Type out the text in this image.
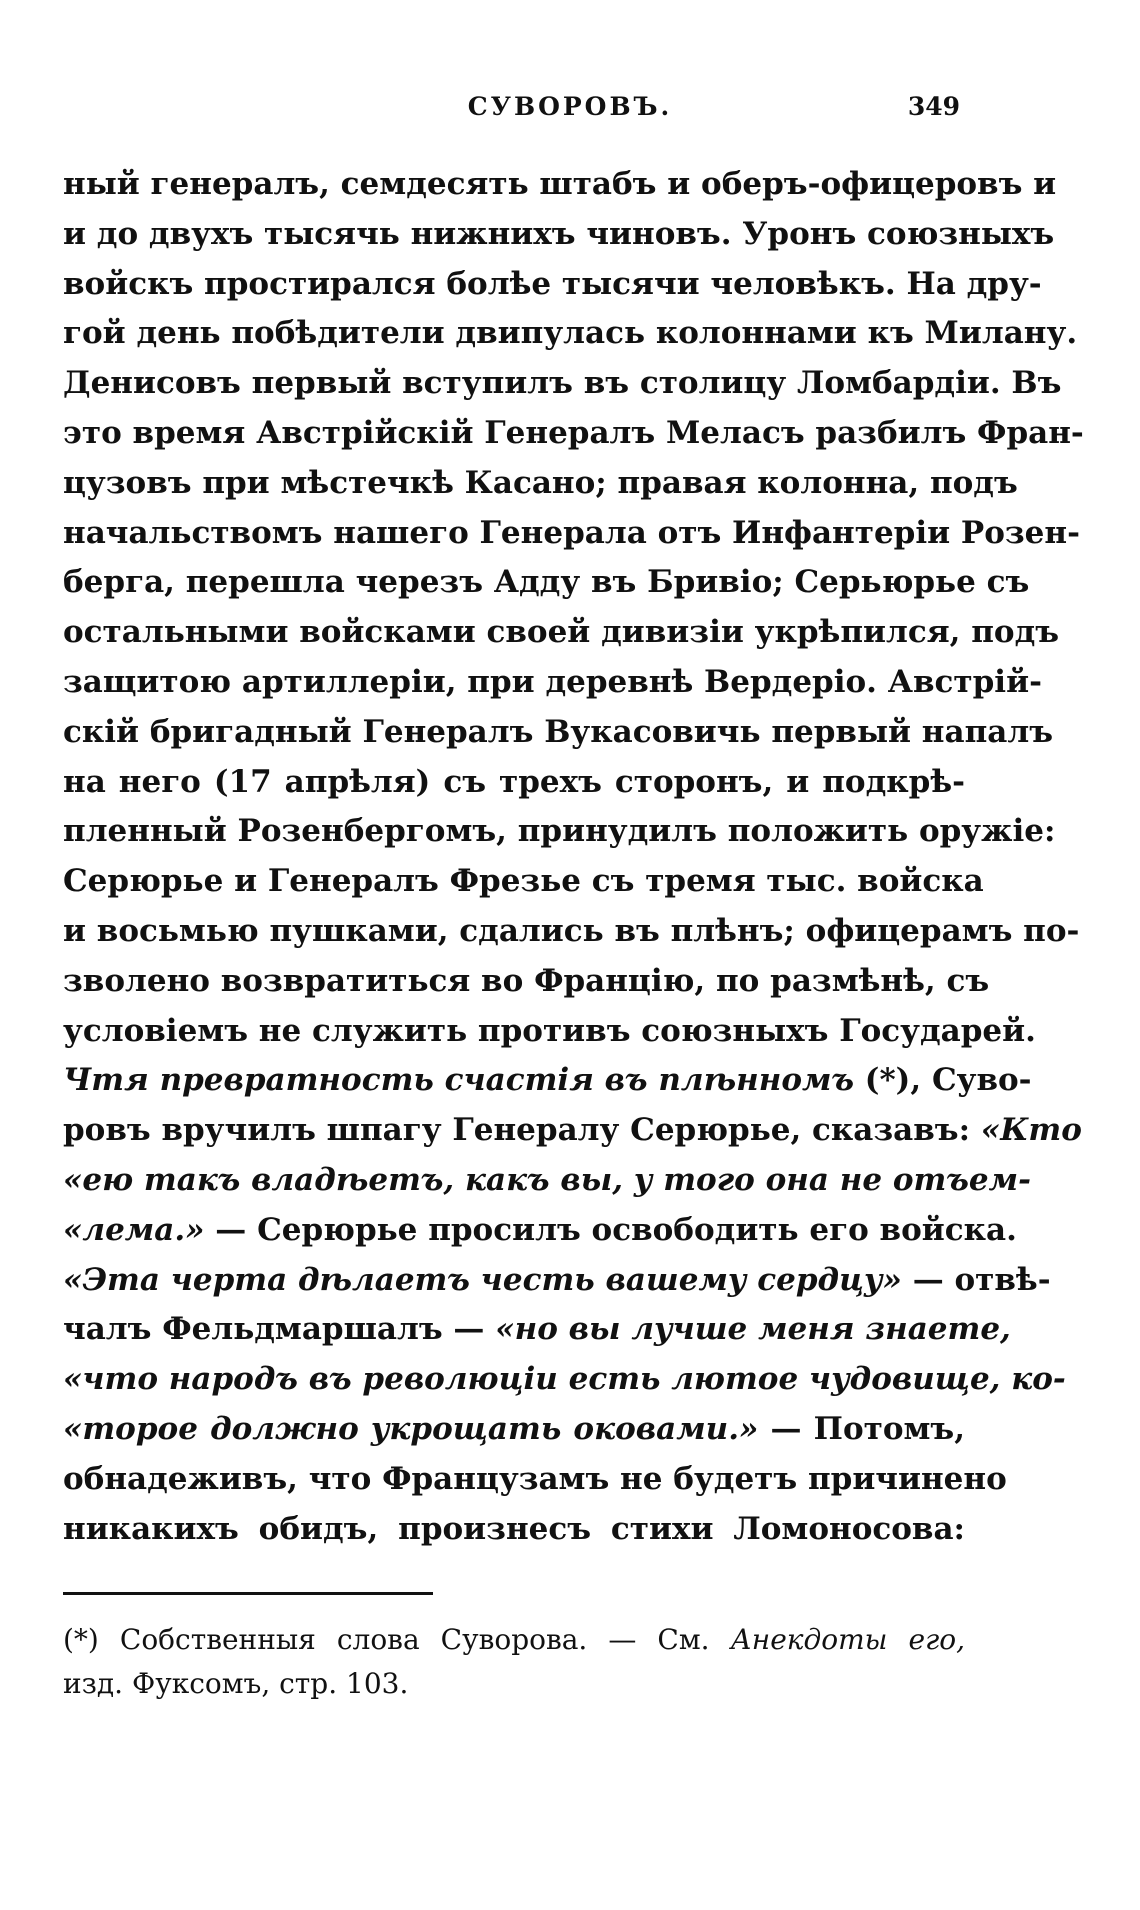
СУВОРОВЪ.	349
ный генералъ, семдесять штабъ и оберъ-офицеровъ и
и до двухъ тысячь нижнихъ чиновъ. Уронъ союзныхъ
войскъ простирался болѣе тысячи человѣкъ. На дру-
гой день побѣдители двипулась колоннами къ Милану.
Денисовъ первый вступилъ въ столицу Ломбардіи. Въ
это время Австрійскій Генералъ Меласъ разбилъ Фран-
цузовъ при мѣстечкѣ Касано; правая колонна, подъ
начальствомъ нашего Генерала отъ Инфантеріи Розен-
берга, перешла черезъ Адду въ Бривіо; Серьюрье съ
остальными войсками своей дивизіи укрѣпился, подъ
защитою артиллеріи, при деревнѣ Вердеріо. Австрій-
скій бригадный Генералъ Вукасовичь первый напалъ
на него (17 апрѣля) съ трехъ сторонъ, и подкрѣ-
пленный Розенбергомъ, принудилъ положить оружіе:
Серюрье и Генералъ Фрезье съ тремя тыс. войска
и восьмью пушками, сдались въ плѣнъ; офицерамъ по-
зволено возвратиться во Францію, по размѣнѣ, съ
условіемъ не служить противъ союзныхъ Государей.
Чтя превратность счастія въ плѣнномъ (*), Суво-
ровъ вручилъ шпагу Генералу Серюрье, сказавъ: «Кто
«ею такъ владѣетъ, какъ вы, у того она не отъем-
«лема.» — Серюрье просилъ освободить его войска.
«Эта черта дѣлаетъ честь вашему сердцу» — отвѣ-
чалъ Фельдмаршалъ — «но вы лучше меня знаете,
«что народъ въ революціи есть лютое чудовище, ко-
«торое должно укрощать оковами.» — Потомъ,
обнадеживъ, что Французамъ не будетъ причинено
никакихъ обидъ, произнесъ стихи Ломоносова:
(*) Собственныя слова Суворова. — См. Анекдоты его,
изд. Фуксомъ, стр. 103.
